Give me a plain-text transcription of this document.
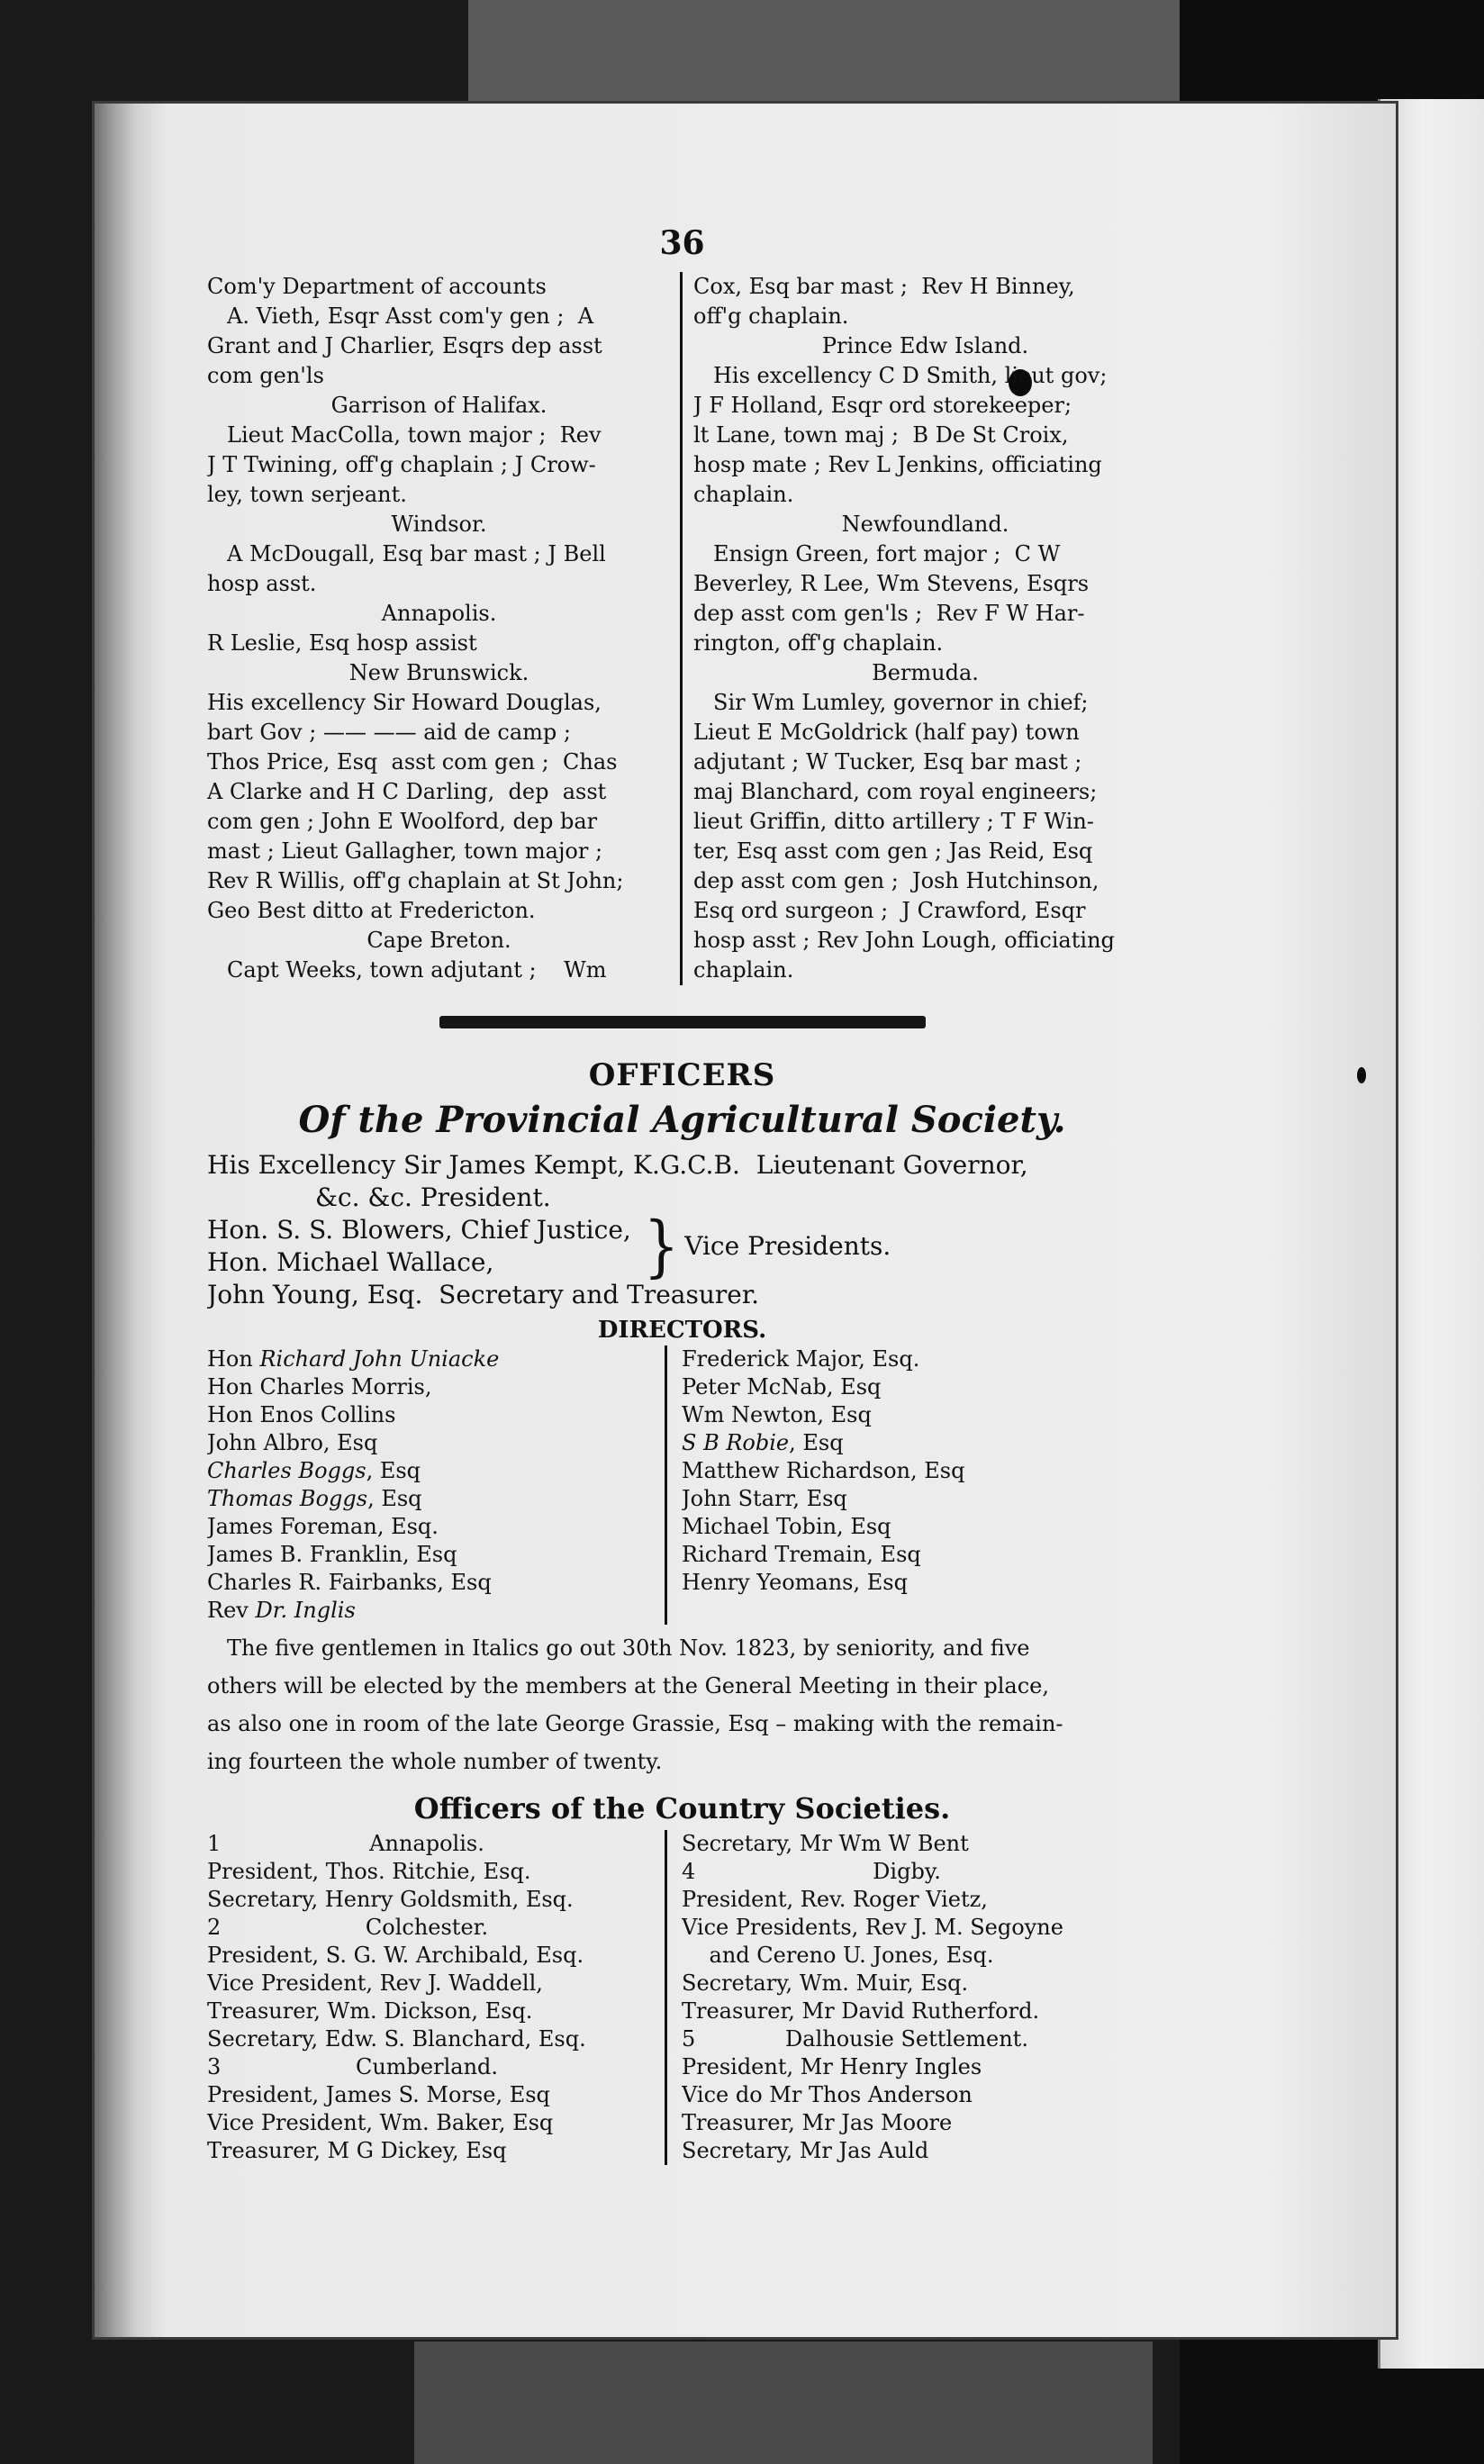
36
Com'y Department of accounts
A. Vieth, Esqr Asst com'y gen ;  A
Grant and J Charlier, Esqrs dep asst
com gen'ls
Garrison of Halifax.
Lieut MacColla, town major ;  Rev
J T Twining, off'g chaplain ; J Crow-
ley, town serjeant.
Windsor.
A McDougall, Esq bar mast ; J Bell
hosp asst.
Annapolis.
R Leslie, Esq hosp assist
New Brunswick.
His excellency Sir Howard Douglas,
bart Gov ; —— —— aid de camp ;
Thos Price, Esq  asst com gen ;  Chas
A Clarke and H C Darling,  dep  asst
com gen ; John E Woolford, dep bar
mast ; Lieut Gallagher, town major ;
Rev R Willis, off'g chaplain at St John;
Geo Best ditto at Fredericton.
Cape Breton.
Capt Weeks, town adjutant ;    Wm
Cox, Esq bar mast ;  Rev H Binney,
off'g chaplain.
Prince Edw Island.
His excellency C D Smith, lieut gov;
J F Holland, Esqr ord storekeeper;
lt Lane, town maj ;  B De St Croix,
hosp mate ; Rev L Jenkins, officiating
chaplain.
Newfoundland.
Ensign Green, fort major ;  C W
Beverley, R Lee, Wm Stevens, Esqrs
dep asst com gen'ls ;  Rev F W Har-
rington, off'g chaplain.
Bermuda.
Sir Wm Lumley, governor in chief;
Lieut E McGoldrick (half pay) town
adjutant ; W Tucker, Esq bar mast ;
maj Blanchard, com royal engineers;
lieut Griffin, ditto artillery ; T F Win-
ter, Esq asst com gen ; Jas Reid, Esq
dep asst com gen ;  Josh Hutchinson,
Esq ord surgeon ;  J Crawford, Esqr
hosp asst ; Rev John Lough, officiating
chaplain.
OFFICERS
Of the Provincial Agricultural Society.
His Excellency Sir James Kempt, K.G.C.B.  Lieutenant Governor,
&c. &c. President.
Hon. S. S. Blowers, Chief Justice,
Hon. Michael Wallace,	} Vice Presidents.
John Young, Esq.  Secretary and Treasurer.
DIRECTORS.
Hon Richard John Uniacke
Hon Charles Morris,
Hon Enos Collins
John Albro, Esq
Charles Boggs, Esq
Thomas Boggs, Esq
James Foreman, Esq.
James B. Franklin, Esq
Charles R. Fairbanks, Esq
Rev Dr. Inglis
Frederick Major, Esq.
Peter McNab, Esq
Wm Newton, Esq
S B Robie, Esq
Matthew Richardson, Esq
John Starr, Esq
Michael Tobin, Esq
Richard Tremain, Esq
Henry Yeomans, Esq
The five gentlemen in Italics go out 30th Nov. 1823, by seniority, and five
others will be elected by the members at the General Meeting in their place,
as also one in room of the late George Grassie, Esq – making with the remain-
ing fourteen the whole number of twenty.
Officers of the Country Societies.
1	Annapolis.
President, Thos. Ritchie, Esq.
Secretary, Henry Goldsmith, Esq.
2	Colchester.
President, S. G. W. Archibald, Esq.
Vice President, Rev J. Waddell,
Treasurer, Wm. Dickson, Esq.
Secretary, Edw. S. Blanchard, Esq.
3	Cumberland.
President, James S. Morse, Esq
Vice President, Wm. Baker, Esq
Treasurer, M G Dickey, Esq
Secretary, Mr Wm W Bent
4	Digby.
President, Rev. Roger Vietz,
Vice Presidents, Rev J. M. Segoyne
and Cereno U. Jones, Esq.
Secretary, Wm. Muir, Esq.
Treasurer, Mr David Rutherford.
5	Dalhousie Settlement.
President, Mr Henry Ingles
Vice do Mr Thos Anderson
Treasurer, Mr Jas Moore
Secretary, Mr Jas Auld
